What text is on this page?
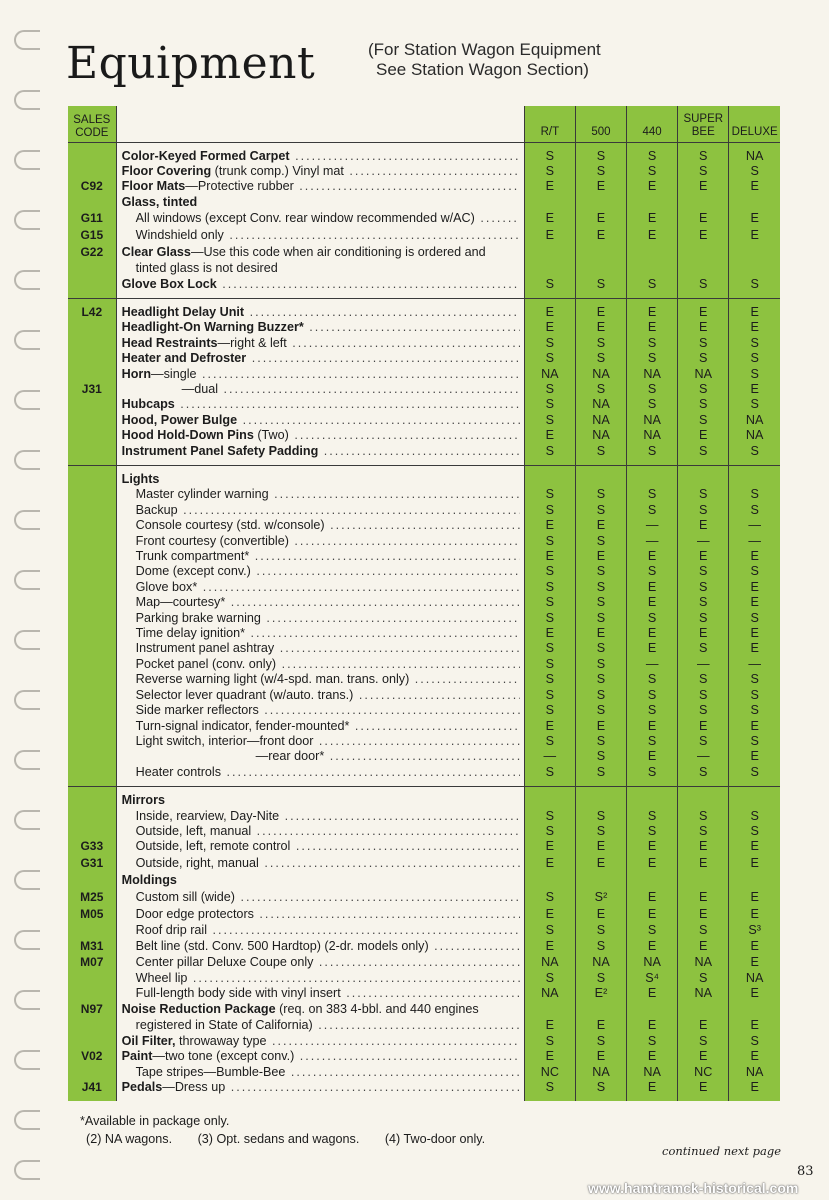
Equipment	(For Station Wagon Equipment
See Station Wagon Section)
SALES
CODE		R/T	500	440	SUPER BEE	DELUXE

	Color-Keyed Formed Carpet .....	S	S	S	S	NA

	Floor Covering (trunk comp.) Vinyl mat .....	S	S	S	S	S
C92	Floor Mats—Protective rubber .....	E	E	E	E	E

	Glass, tinted					

G11	All windows (except Conv. rear window recommended w/AC) .....	E	E	E	E	E
G15	Windshield only .....	E	E	E	E	E
G22	Clear Glass—Use this code when air conditioning is ordered and					

	tinted glass is not desired					

	Glove Box Lock .....	S	S	S	S	S
L42	Headlight Delay Unit .....	E	E	E	E	E

	Headlight-On Warning Buzzer* .....	E	E	E	E	E

	Head Restraints—right & left .....	S	S	S	S	S

	Heater and Defroster .....	S	S	S	S	S

	Horn—single .....	NA	NA	NA	NA	S
J31	—dual .....	S	S	S	S	E

	Hubcaps .....	S	NA	S	S	S

	Hood, Power Bulge .....	S	NA	NA	S	NA

	Hood Hold-Down Pins (Two) .....	E	NA	NA	E	NA

	Instrument Panel Safety Padding .....	S	S	S	S	S

	Lights					

	Master cylinder warning .....	S	S	S	S	S

	Backup .....	S	S	S	S	S

	Console courtesy (std. w/console) .....	E	E	—	E	—

	Front courtesy (convertible) .....	S	S	—	—	—

	Trunk compartment* .....	E	E	E	E	E

	Dome (except conv.) .....	S	S	S	S	S

	Glove box* .....	S	S	E	S	E

	Map—courtesy* .....	S	S	E	S	E

	Parking brake warning .....	S	S	S	S	S

	Time delay ignition* .....	E	E	E	E	E

	Instrument panel ashtray .....	S	S	E	S	E

	Pocket panel (conv. only) .....	S	S	—	—	—

	Reverse warning light (w/4-spd. man. trans. only) .....	S	S	S	S	S

	Selector lever quadrant (w/auto. trans.) .....	S	S	S	S	S

	Side marker reflectors .....	S	S	S	S	S

	Turn-signal indicator, fender-mounted* .....	E	E	E	E	E

	Light switch, interior—front door .....	S	S	S	S	S

	—rear door* .....	—	S	E	—	E

	Heater controls .....	S	S	S	S	S

	Mirrors					

	Inside, rearview, Day-Nite .....	S	S	S	S	S

	Outside, left, manual .....	S	S	S	S	S
G33	Outside, left, remote control .....	E	E	E	E	E
G31	Outside, right, manual .....	E	E	E	E	E

	Moldings					

M25	Custom sill (wide) .....	S	S²	E	E	E
M05	Door edge protectors .....	E	E	E	E	E

	Roof drip rail .....	S	S	S	S	S³
M31	Belt line (std. Conv. 500 Hardtop) (2-dr. models only) .....	E	S	E	E	E
M07	Center pillar Deluxe Coupe only .....	NA	NA	NA	NA	E

	Wheel lip .....	S	S	S⁴	S	NA

	Full-length body side with vinyl insert .....	NA	E²	E	NA	E
N97	Noise Reduction Package (req. on 383 4-bbl. and 440 engines					

	registered in State of California) .....	E	E	E	E	E

	Oil Filter, throwaway type .....	S	S	S	S	S
V02	Paint—two tone (except conv.) .....	E	E	E	E	E

	Tape stripes—Bumble-Bee .....	NC	NA	NA	NC	NA
J41	Pedals—Dress up .....	S	S	E	E	E
*Available in package only.
(2) NA wagons. (3) Opt. sedans and wagons. (4) Two-door only.
continued next page
83
www.hamtramck-historical.com
